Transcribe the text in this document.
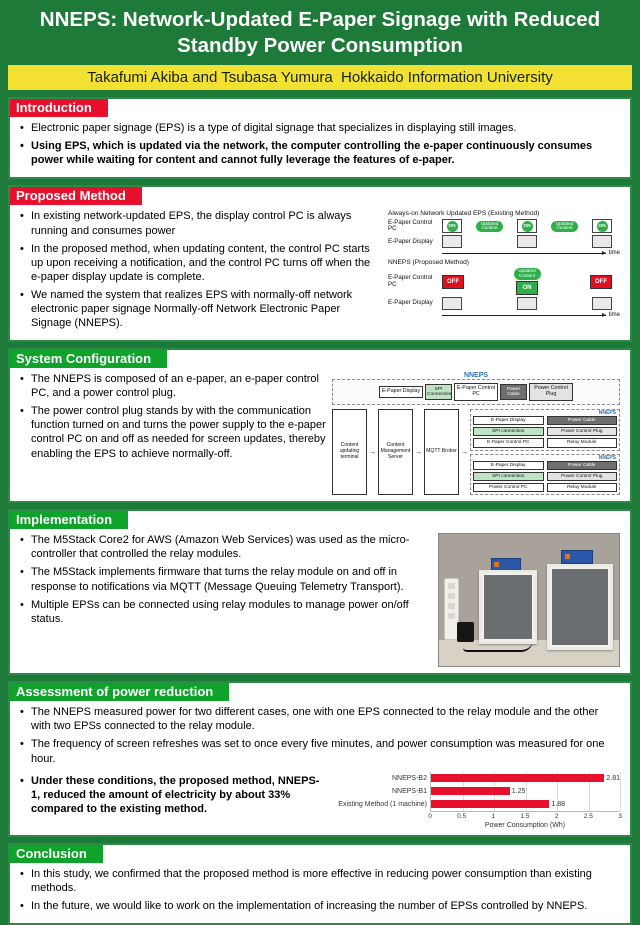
NNEPS: Network-Updated E-Paper Signage with Reduced Standby Power Consumption
Takafumi Akiba and Tsubasa Yumura  Hokkaido Information University
Introduction
• Electronic paper signage (EPS) is a type of digital signage that specializes in displaying still images.
• Using EPS, which is updated via the network, the computer controlling the e-paper continuously consumes power while waiting for content and cannot fully leverage the features of e-paper.
Proposed Method
• In existing network-updated EPS, the display control PC is always running and consumes power
• In the proposed method, when updating content, the control PC starts up upon receiving a notification, and the control PC turns off when the e-paper display update is complete.
• We named the system that realizes EPS with normally-off network electronic paper signage Normally-off Network Electronic Paper Signage (NNEPS).
Always-on Network Updated EPS (Existing Method)
E-Paper Control PC	ON
Updated Content	ON
Updated Content	ON
E-Paper Display
time
NNEPS (Proposed Method)
E-Paper Control PC	OFF
Updated Content
ON
OFF
E-Paper Display
time
System Configuration
• The NNEPS is composed of an e-paper, an e-paper control PC, and a power control plug.
• The power control plug stands by with the communication function turned on and turns the power supply to the e-paper control PC on and off as needed for screen updates, thereby enabling the EPS to achieve normally-off.
NNEPS
E-Paper Display	SPI Connection
E-Paper Control PC
Power Cable
Power Control Plug
Content updating terminal
→
Content Management Server
→ MQTT Broker →
NNEPS
E-Paper Display
SPI connection
E-Paper Control PC
Power Cable
Power Control Plug
Relay Module
NNEPS
E-Paper Display
SPI connection
Power Control PC
Power Cable
Power Control Plug
Relay Module
Implementation
• The M5Stack Core2 for AWS (Amazon Web Services) was used as the micro-controller that controlled the relay modules.
• The M5Stack implements firmware that turns the relay module on and off in response to notifications via MQTT (Message Queuing Telemetry Transport).
• Multiple EPSs can be connected using relay modules to manage power on/off status.
Assessment of power reduction
• The NNEPS measured power for two different cases, one with one EPS connected to the relay module and the other with two EPSs connected to the relay module.
• The frequency of screen refreshes was set to once every five minutes, and power consumption was measured for one hour.
• Under these conditions, the proposed method, NNEPS-1, reduced the amount of electricity by about 33% compared to the existing method.
NNEPS-B2
NNEPS-B1
Existing Method (1 machine)
2.81
1.25
1.88
0	0.5	1	1.5	2	2.5	3
Power Consumption (Wh)
Conclusion
• In this study, we confirmed that the proposed method is more effective in reducing power consumption than existing methods.
• In the future, we would like to work on the implementation of increasing the number of EPSs controlled by NNEPS.
